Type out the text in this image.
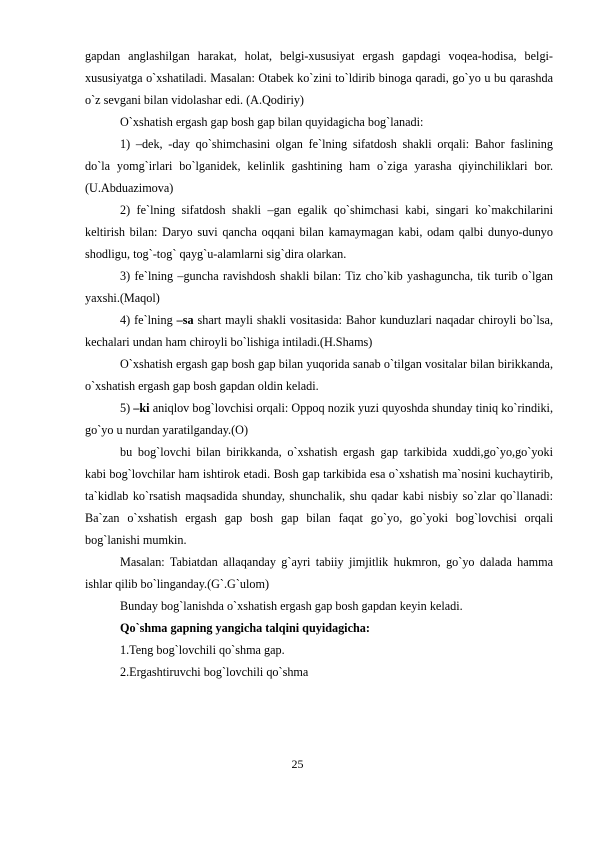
gapdan anglashilgan harakat, holat, belgi-xususiyat ergash gapdagi voqea-hodisa, belgi-xususiyatga o`xshatiladi. Masalan: Otabek ko`zini to`ldirib binoga qaradi, go`yo u bu qarashda o`z sevgani bilan vidolashar edi. (A.Qodiriy)

O`xshatish ergash gap bosh gap bilan quyidagicha bog`lanadi:

1) –dek, -day qo`shimchasini olgan fe`lning sifatdosh shakli orqali: Bahor faslining do`la yomg`irlari bo`lganidek, kelinlik gashtining ham o`ziga yarasha qiyinchiliklari bor. (U.Abduazimova)

2) fe`lning sifatdosh shakli –gan egalik qo`shimchasi kabi, singari ko`makchilarini keltirish bilan: Daryo suvi qancha oqqani bilan kamaymagan kabi, odam qalbi dunyo-dunyo shodligu, tog`-tog` qayg`u-alamlarni sig`dira olarkan.

3) fe`lning –guncha ravishdosh shakli bilan: Tiz cho`kib yashaguncha, tik turib o`lgan yaxshi.(Maqol)

4) fe`lning –sa shart mayli shakli vositasida: Bahor kunduzlari naqadar chiroyli bo`lsa, kechalari undan ham chiroyli bo`lishiga intiladi.(H.Shams)

O`xshatish ergash gap bosh gap bilan yuqorida sanab o`tilgan vositalar bilan birikkanda, o`xshatish ergash gap bosh gapdan oldin keladi.

5) –ki aniqlov bog`lovchisi orqali: Oppoq nozik yuzi quyoshda shunday tiniq ko`rindiki, go`yo u nurdan yaratilganday.(O)

bu bog`lovchi bilan birikkanda, o`xshatish ergash gap tarkibida xuddi,go`yo,go`yoki kabi bog`lovchilar ham ishtirok etadi. Bosh gap tarkibida esa o`xshatish ma`nosini kuchaytirib, ta`kidlab ko`rsatish maqsadida shunday, shunchalik, shu qadar kabi nisbiy so`zlar qo`llanadi: Ba`zan o`xshatish ergash gap bosh gap bilan faqat go`yo, go`yoki bog`lovchisi orqali bog`lanishi mumkin.

Masalan: Tabiatdan allaqanday g`ayri tabiiy jimjitlik hukmron, go`yo dalada hamma ishlar qilib bo`linganday.(G`.G`ulom)

Bunday bog`lanishda o`xshatish ergash gap bosh gapdan keyin keladi.

Qo`shma gapning yangicha talqini quyidagicha:

1.Teng bog`lovchili qo`shma gap.

2.Ergashtiruvchi bog`lovchili qo`shma

25
